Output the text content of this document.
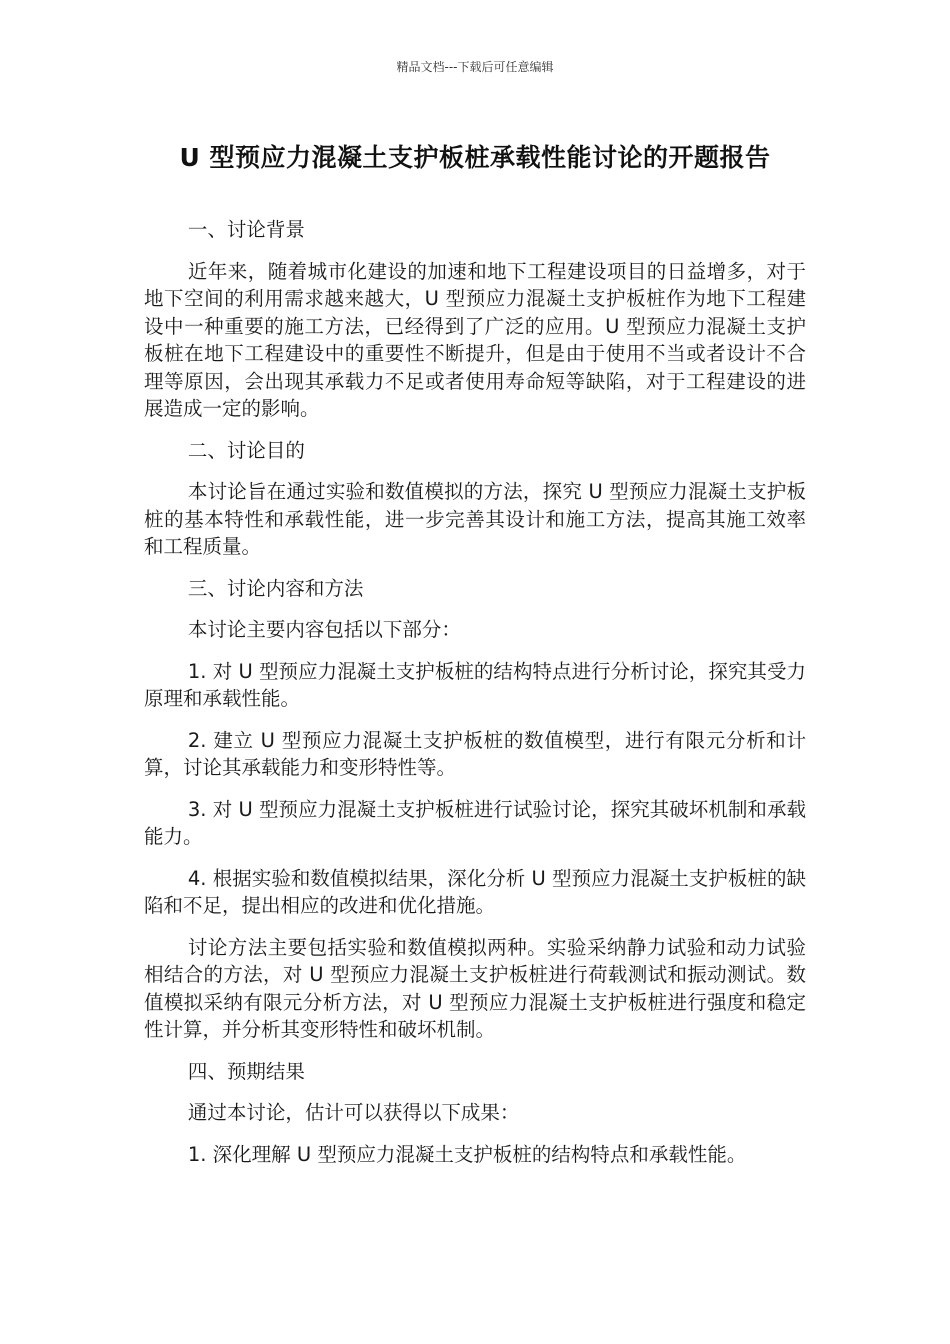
精品文档---下载后可任意编辑
U 型预应力混凝土支护板桩承载性能讨论的开题报告

一、讨论背景

近年来，随着城市化建设的加速和地下工程建设项目的日益增多，对于地下空间的利用需求越来越大，U 型预应力混凝土支护板桩作为地下工程建设中一种重要的施工方法，已经得到了广泛的应用。U 型预应力混凝土支护板桩在地下工程建设中的重要性不断提升，但是由于使用不当或者设计不合理等原因，会出现其承载力不足或者使用寿命短等缺陷，对于工程建设的进展造成一定的影响。

二、讨论目的

本讨论旨在通过实验和数值模拟的方法，探究 U 型预应力混凝土支护板桩的基本特性和承载性能，进一步完善其设计和施工方法，提高其施工效率和工程质量。

三、讨论内容和方法

本讨论主要内容包括以下部分：

1. 对 U 型预应力混凝土支护板桩的结构特点进行分析讨论，探究其受力原理和承载性能。

2. 建立 U 型预应力混凝土支护板桩的数值模型，进行有限元分析和计算，讨论其承载能力和变形特性等。

3. 对 U 型预应力混凝土支护板桩进行试验讨论，探究其破坏机制和承载能力。

4. 根据实验和数值模拟结果，深化分析 U 型预应力混凝土支护板桩的缺陷和不足，提出相应的改进和优化措施。

讨论方法主要包括实验和数值模拟两种。实验采纳静力试验和动力试验相结合的方法，对 U 型预应力混凝土支护板桩进行荷载测试和振动测试。数值模拟采纳有限元分析方法，对 U 型预应力混凝土支护板桩进行强度和稳定性计算，并分析其变形特性和破坏机制。

四、预期结果

通过本讨论，估计可以获得以下成果：

1. 深化理解 U 型预应力混凝土支护板桩的结构特点和承载性能。
